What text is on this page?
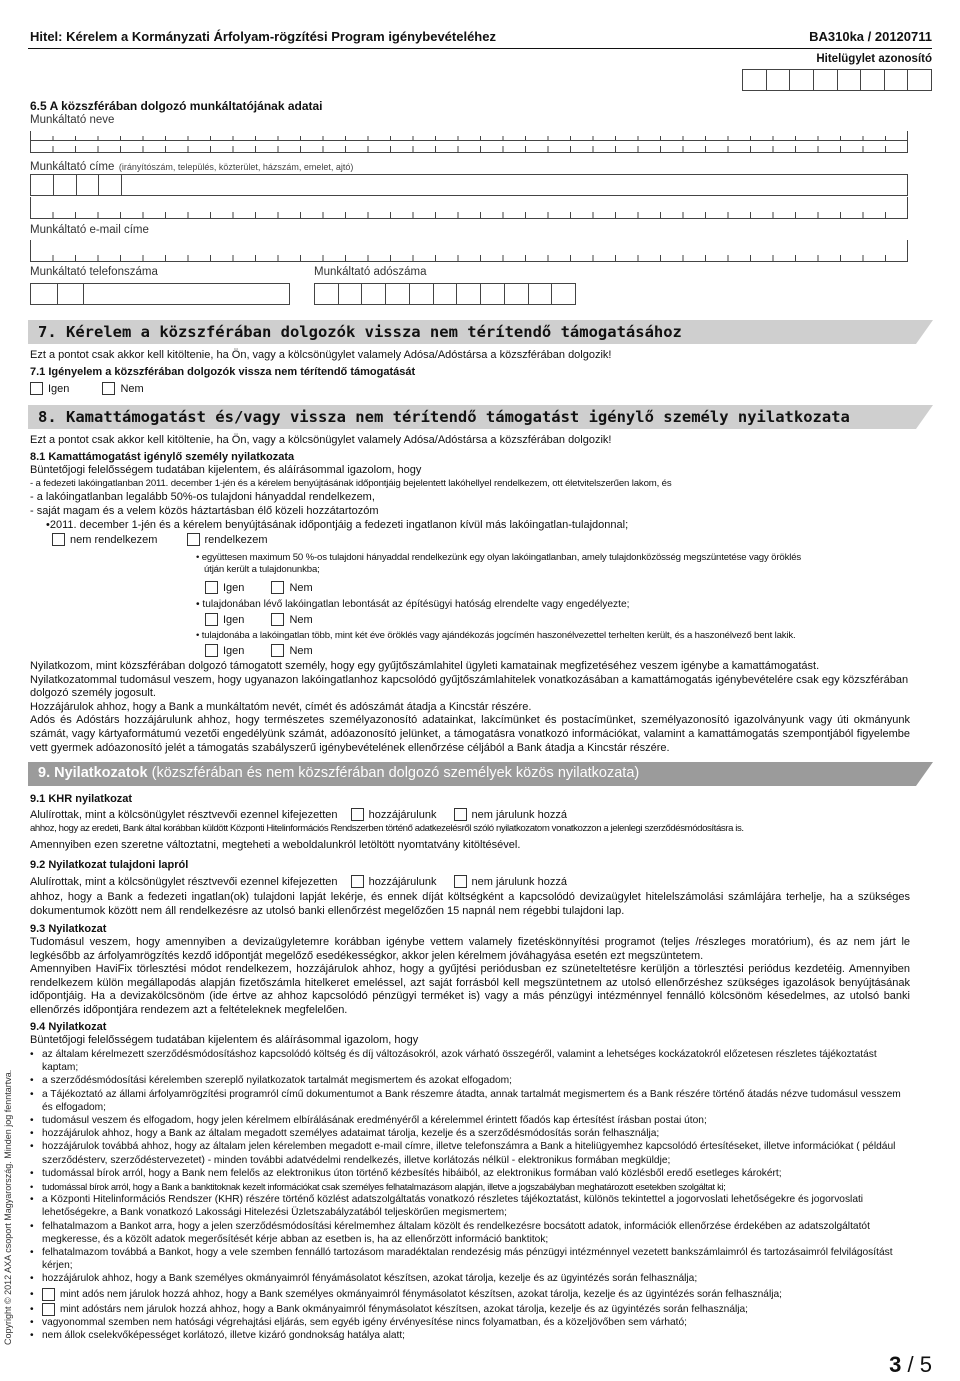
Hitel: Kérelem a Kormányzati Árfolyam-rögzítési Program igénybevételéhez	BA310ka / 20120711
Hitelügylet azonosító
6.5 A közszférában dolgozó munkáltatójának adatai
Munkáltató neve
Munkáltató címe (irányítószám, település, közterület, házszám, emelet, ajtó)
Munkáltató e-mail címe
Munkáltató telefonszáma	Munkáltató adószáma
7. Kérelem a közszférában dolgozók vissza nem térítendő támogatásához
Ezt a pontot csak akkor kell kitöltenie, ha Ön, vagy a kölcsönügylet valamely Adósa/Adóstársa a közszférában dolgozik!
7.1 Igényelem a közszférában dolgozók vissza nem térítendő támogatását
Igen	Nem
8. Kamattámogatást és/vagy vissza nem térítendő támogatást igénylő személy nyilatkozata
Ezt a pontot csak akkor kell kitöltenie, ha Ön, vagy a kölcsönügylet valamely Adósa/Adóstársa a közszférában dolgozik!
8.1 Kamattámogatást igénylő személy nyilatkozata
Büntetőjogi felelősségem tudatában kijelentem, és aláírásommal igazolom, hogy
- a fedezeti lakóingatlanban 2011. december 1-jén és a kérelem benyújtásának időpontjáig bejelentett lakóhellyel rendelkezem, ott életvitelszerűen lakom, és
- a lakóingatlanban legalább 50%-os tulajdoni hányaddal rendelkezem,
- saját magam és a velem közös háztartásban élő közeli hozzátartozóm
•2011. december 1-jén és a kérelem benyújtásának időpontjáig a fedezeti ingatlanon kívül más lakóingatlan-tulajdonnal;
nem rendelkezem	rendelkezem
• együttesen maximum 50 %-os tulajdoni hányaddal rendelkezünk egy olyan lakóingatlanban, amely tulajdonközösség megszüntetése vagy öröklés
útján került a tulajdonunkba;
Igen	Nem
• tulajdonában lévő lakóingatlan lebontását az építésügyi hatóság elrendelte vagy engedélyezte;
Igen	Nem
• tulajdonába a lakóingatlan több, mint két éve öröklés vagy ajándékozás jogcímén haszonélvezettel terhelten került, és a haszonélvező bent lakik.
Igen	Nem
Nyilatkozom, mint közszférában dolgozó támogatott személy, hogy egy gyűjtőszámlahitel ügyleti kamatainak megfizetéséhez veszem igénybe a kamattámogatást.
Nyilatkozatommal tudomásul veszem, hogy ugyanazon lakóingatlanhoz kapcsolódó gyűjtőszámlahitelek vonatkozásában a kamattámogatás igénybevételére csak egy közszférában dolgozó személy jogosult.
Hozzájárulok ahhoz, hogy a Bank a munkáltatóm nevét, címét és adószámát átadja a Kincstár részére.
Adós és Adóstárs hozzájárulunk ahhoz, hogy természetes személyazonosító adatainkat, lakcímünket és postacímünket, személyazonosító igazolványunk vagy úti okmányunk számát, vagy kártyaformátumú vezetői engedélyünk számát, adóazonosító jelünket, a támogatásra vonatkozó információkat, valamint a kamattámogatás szempontjából figyelembe vett gyermek adóazonosító jelét a támogatás szabályszerű igénybevételének ellenőrzése céljából a Bank átadja a Kincstár részére.
9. Nyilatkozatok (közszférában és nem közszférában dolgozó személyek közös nyilatkozata)
9.1 KHR nyilatkozat
Alulírottak, mint a kölcsönügylet résztvevői ezennel kifejezetten	hozzájárulunk	nem járulunk hozzá
ahhoz, hogy az eredeti, Bank által korábban küldött Központi Hitelinformációs Rendszerben történő adatkezelésről szóló nyilatkozatom vonatkozzon a jelenlegi szerződésmódosításra is.
Amennyiben ezen szeretne változtatni, megteheti a weboldalunkról letöltött nyomtatvány kitöltésével.
9.2 Nyilatkozat tulajdoni lapról
Alulírottak, mint a kölcsönügylet résztvevői ezennel kifejezetten	hozzájárulunk	nem járulunk hozzá
ahhoz, hogy a Bank a fedezeti ingatlan(ok) tulajdoni lapját lekérje, és ennek díját költségként a kapcsolódó devizaügylet hitelelszámolási számlájára terhelje, ha a szükséges dokumentumok között nem áll rendelkezésre az utolsó banki ellenőrzést megelőzően 15 napnál nem régebbi tulajdoni lap.
9.3 Nyilatkozat
Tudomásul veszem, hogy amennyiben a devizaügyletemre korábban igénybe vettem valamely fizetéskönnyítési programot (teljes /részleges moratórium), és az nem járt le legkésőbb az árfolyamrögzítés kezdő időpontját megelőző esedékességkor, akkor jelen kérelmem jóváhagyása esetén ezt megszüntetem.
Amennyiben HaviFix törlesztési módot rendelkezem, hozzájárulok ahhoz, hogy a gyűjtési periódusban ez szüneteltetésre kerüljön a törlesztési periódus kezdetéig. Amennyiben rendelkezem külön megállapodás alapján fizetőszámla hitelkeret emeléssel, azt saját forrásból kell megszüntetnem az utolsó ellenőrzéshez szükséges igazolások benyújtásának időpontjáig. Ha a devizakölcsönöm (ide értve az ahhoz kapcsolódó pénzügyi terméket is) vagy a más pénzügyi intézménnyel fennálló kölcsönöm késedelmes, az utolsó banki ellenőrzés időpontjára rendezem azt a feltételeknek megfelelően.
9.4 Nyilatkozat
Büntetőjogi felelősségem tudatában kijelentem és aláírásommal igazolom, hogy
• az általam kérelmezett szerződésmódosításhoz kapcsolódó költség és díj változásokról, azok várható összegéről, valamint a lehetséges kockázatokról előzetesen részletes tájékoztatást kaptam;
• a szerződésmódosítási kérelemben szereplő nyilatkozatok tartalmát megismertem és azokat elfogadom;
• a Tájékoztató az állami árfolyamrögzítési programról című dokumentumot a Bank részemre átadta, annak tartalmát megismertem és a Bank részére történő átadás nézve tudomásul vesszem és elfogadom;
• tudomásul veszem és elfogadom, hogy jelen kérelmem elbírálásának eredményéről a kérelemmel érintett főadós kap értesítést írásban postai úton;
• hozzájárulok ahhoz, hogy a Bank az általam megadott személyes adataimat tárolja, kezelje és a szerződésmódosítás során felhasználja;
• hozzájárulok továbbá ahhoz, hogy az általam jelen kérelemben megadott e-mail címre, illetve telefonszámra a Bank a hiteliügyemhez kapcsolódó értesítéseket, illetve információkat ( például szerződésterv, szerződéstervezetet) - minden további adatvédelmi rendelkezés, illetve korlátozás nélkül - elektronikus formában megküldje;
• tudomással bírok arról, hogy a Bank nem felelős az elektronikus úton történő kézbesítés hibáiból, az elektronikus formában való közlésből eredő esetleges károkért;
• tudomással bírok arról, hogy a Bank a banktitoknak kezelt információkat csak személyes felhatalmazásom alapján, illetve a jogszabályban meghatározott esetekben szolgáltat ki;
• a Központi Hitelinformációs Rendszer (KHR) részére történő közlést adatszolgáltatás vonatkozó részletes tájékoztatást, különös tekintettel a jogorvoslati lehetőségekre és jogorvoslati lehetőségekre, a Bank vonatkozó Lakossági Hitelezési Üzletszabályzatából teljeskörűen megismertem;
• felhatalmazom a Bankot arra, hogy a jelen szerződésmódosítási kérelmemhez általam közölt és rendelkezésre bocsátott adatok, információk ellenőrzése érdekében az adatszolgáltatót megkeresse, és a közölt adatok megerősítését kérje abban az esetben is, ha az ellenőrzött információ banktitok;
• felhatalmazom továbbá a Bankot, hogy a vele szemben fennálló tartozásom maradéktalan rendezésig más pénzügyi intézménnyel vezetett bankszámlaimról és tartozásaimról felvilágosítást kérjen;
• hozzájárulok ahhoz, hogy a Bank személyes okmányaimról fényámásolatot készítsen, azokat tárolja, kezelje és az ügyintézés során felhasználja;
•	mint adós nem járulok hozzá ahhoz, hogy a Bank személyes okmányaimról fénymásolatot készítsen, azokat tárolja, kezelje és az ügyintézés során felhasználja;
•	mint adóstárs nem járulok hozzá ahhoz, hogy a Bank okmányaimról fénymásolatot készítsen, azokat tárolja, kezelje és az ügyintézés során felhasználja;
• vagyonommal szemben nem hatósági végrehajtási eljárás, sem egyéb igény érvényesítése nincs folyamatban, és a közeljövőben sem várható;
• nem állok cselekvőképességet korlátozó, illetve kizáró gondnokság hatálya alatt;
3 / 5
Copyright © 2012 AXA csoport Magyarország. Minden jog fenntartva.
